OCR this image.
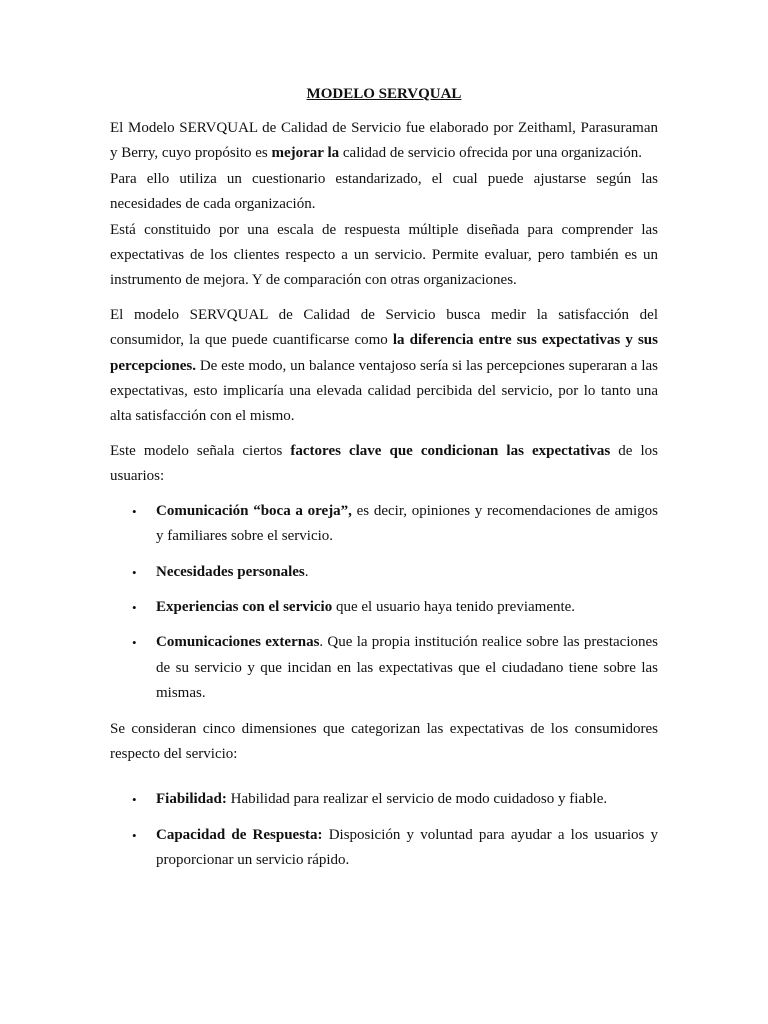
MODELO SERVQUAL

El Modelo SERVQUAL de Calidad de Servicio fue elaborado por Zeithaml, Parasuraman y Berry, cuyo propósito es mejorar la calidad de servicio ofrecida por una organización.

Para ello utiliza un cuestionario estandarizado, el cual puede ajustarse según las necesidades de cada organización.

Está constituido por una escala de respuesta múltiple diseñada para comprender las expectativas de los clientes respecto a un servicio. Permite evaluar, pero también es un instrumento de mejora. Y de comparación con otras organizaciones.

El modelo SERVQUAL de Calidad de Servicio busca medir la satisfacción del consumidor, la que puede cuantificarse como la diferencia entre sus expectativas y sus percepciones. De este modo, un balance ventajoso sería si las percepciones superaran a las expectativas, esto implicaría una elevada calidad percibida del servicio, por lo tanto una alta satisfacción con el mismo.

Este modelo señala ciertos factores clave que condicionan las expectativas de los usuarios:

• Comunicación “boca a oreja”, es decir, opiniones y recomendaciones de amigos y familiares sobre el servicio.
• Necesidades personales.
• Experiencias con el servicio que el usuario haya tenido previamente.
• Comunicaciones externas. Que la propia institución realice sobre las prestaciones de su servicio y que incidan en las expectativas que el ciudadano tiene sobre las mismas.

Se consideran cinco dimensiones que categorizan las expectativas de los consumidores respecto del servicio:

• Fiabilidad: Habilidad para realizar el servicio de modo cuidadoso y fiable.
• Capacidad de Respuesta: Disposición y voluntad para ayudar a los usuarios y proporcionar un servicio rápido.
